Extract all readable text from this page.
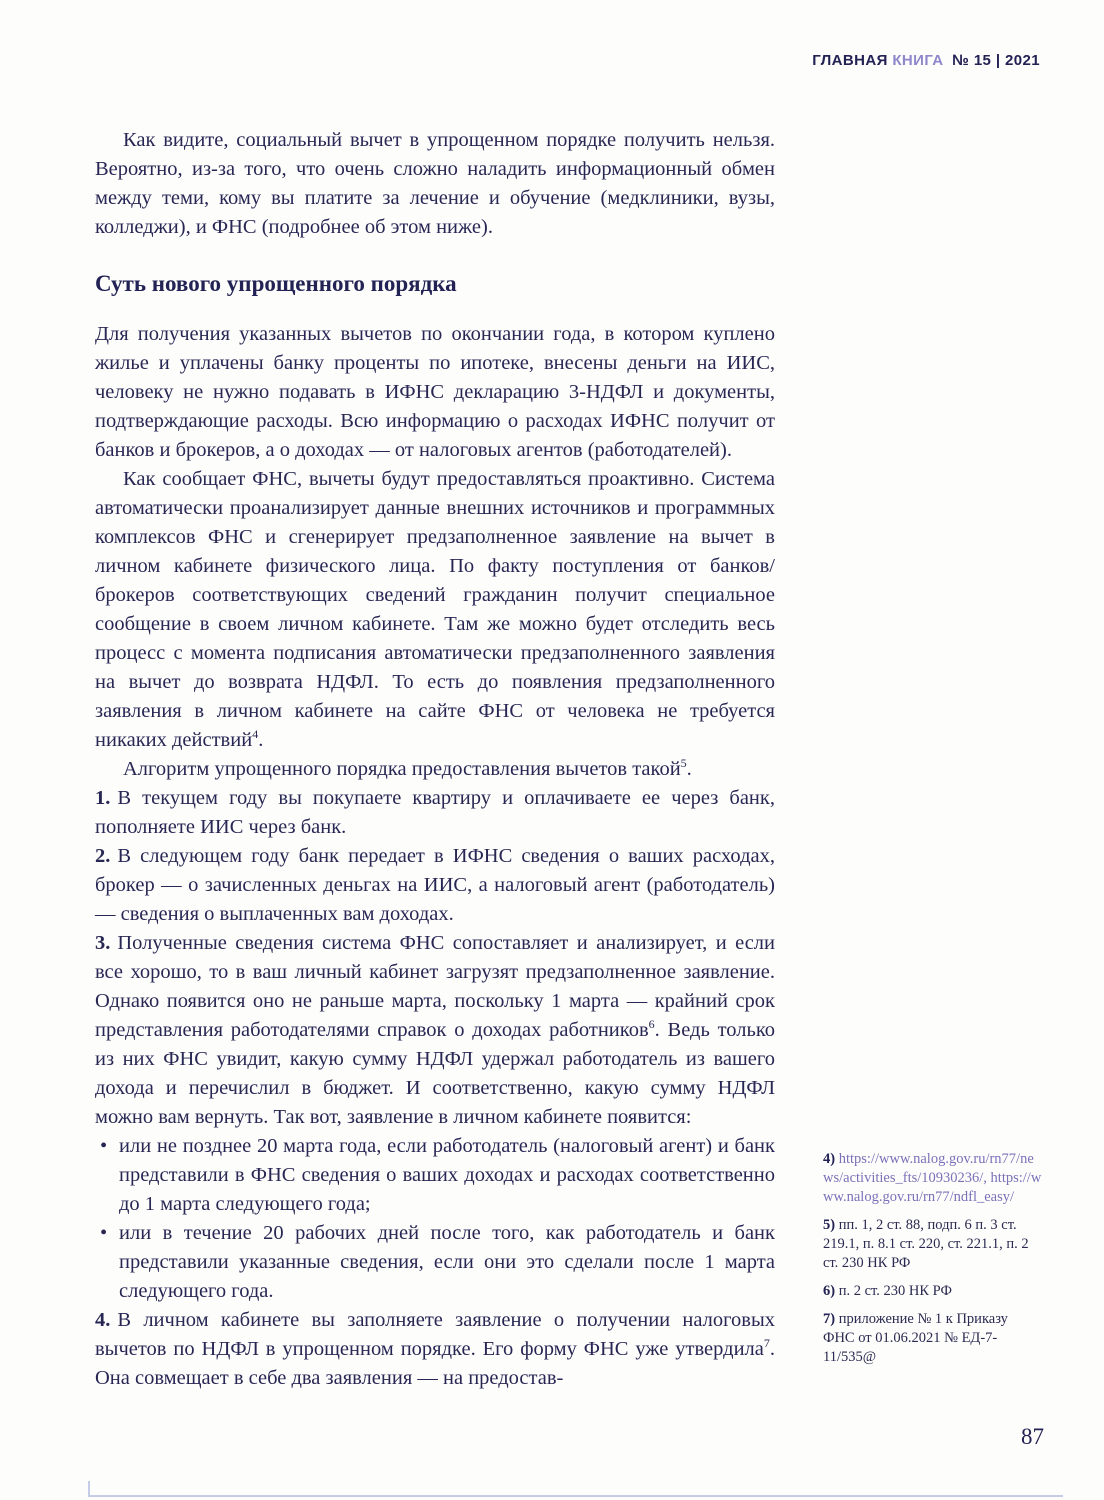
ГЛАВНАЯ КНИГА № 15 | 2021

Как видите, социальный вычет в упрощенном порядке получить нельзя. Вероятно, из-за того, что очень сложно наладить информационный обмен между теми, кому вы платите за лечение и обучение (медклиники, вузы, колледжи), и ФНС (подробнее об этом ниже).

Суть нового упрощенного порядка

Для получения указанных вычетов по окончании года, в котором куплено жилье и уплачены банку проценты по ипотеке, внесены деньги на ИИС, человеку не нужно подавать в ИФНС декларацию 3-НДФЛ и документы, подтверждающие расходы. Всю информацию о расходах ИФНС получит от банков и брокеров, а о доходах — от налоговых агентов (работодателей).

Как сообщает ФНС, вычеты будут предоставляться проактивно. Система автоматически проанализирует данные внешних источников и программных комплексов ФНС и сгенерирует предзаполненное заявление на вычет в личном кабинете физического лица. По факту поступления от банков/брокеров соответствующих сведений гражданин получит специальное сообщение в своем личном кабинете. Там же можно будет отследить весь процесс с момента подписания автоматически предзаполненного заявления на вычет до возврата НДФЛ. То есть до появления предзаполненного заявления в личном кабинете на сайте ФНС от человека не требуется никаких действий$^4$.

Алгоритм упрощенного порядка предоставления вычетов такой$^5$.

1. В текущем году вы покупаете квартиру и оплачиваете ее через банк, пополняете ИИС через банк.

2. В следующем году банк передает в ИФНС сведения о ваших расходах, брокер — о зачисленных деньгах на ИИС, а налоговый агент (работодатель) — сведения о выплаченных вам доходах.

3. Полученные сведения система ФНС сопоставляет и анализирует, и если все хорошо, то в ваш личный кабинет загрузят предзаполненное заявление. Однако появится оно не раньше марта, поскольку 1 марта — крайний срок представления работодателями справок о доходах работников$^6$. Ведь только из них ФНС увидит, какую сумму НДФЛ удержал работодатель из вашего дохода и перечислил в бюджет. И соответственно, какую сумму НДФЛ можно вам вернуть. Так вот, заявление в личном кабинете появится:

• или не позднее 20 марта года, если работодатель (налоговый агент) и банк представили в ФНС сведения о ваших доходах и расходах соответственно до 1 марта следующего года;
• или в течение 20 рабочих дней после того, как работодатель и банк представили указанные сведения, если они это сделали после 1 марта следующего года.

4. В личном кабинете вы заполняете заявление о получении налоговых вычетов по НДФЛ в упрощенном порядке. Его форму ФНС уже утвердила$^7$. Она совмещает в себе два заявления — на предостав-

4) https://www.nalog.gov.ru/rn77/news/activities_fts/10930236/, https://www.nalog.gov.ru/rn77/ndfl_easy/
5) пп. 1, 2 ст. 88, подп. 6 п. 3 ст. 219.1, п. 8.1 ст. 220, ст. 221.1, п. 2 ст. 230 НК РФ
6) п. 2 ст. 230 НК РФ
7) приложение № 1 к Приказу ФНС от 01.06.2021 № ЕД-7-11/535@
87
